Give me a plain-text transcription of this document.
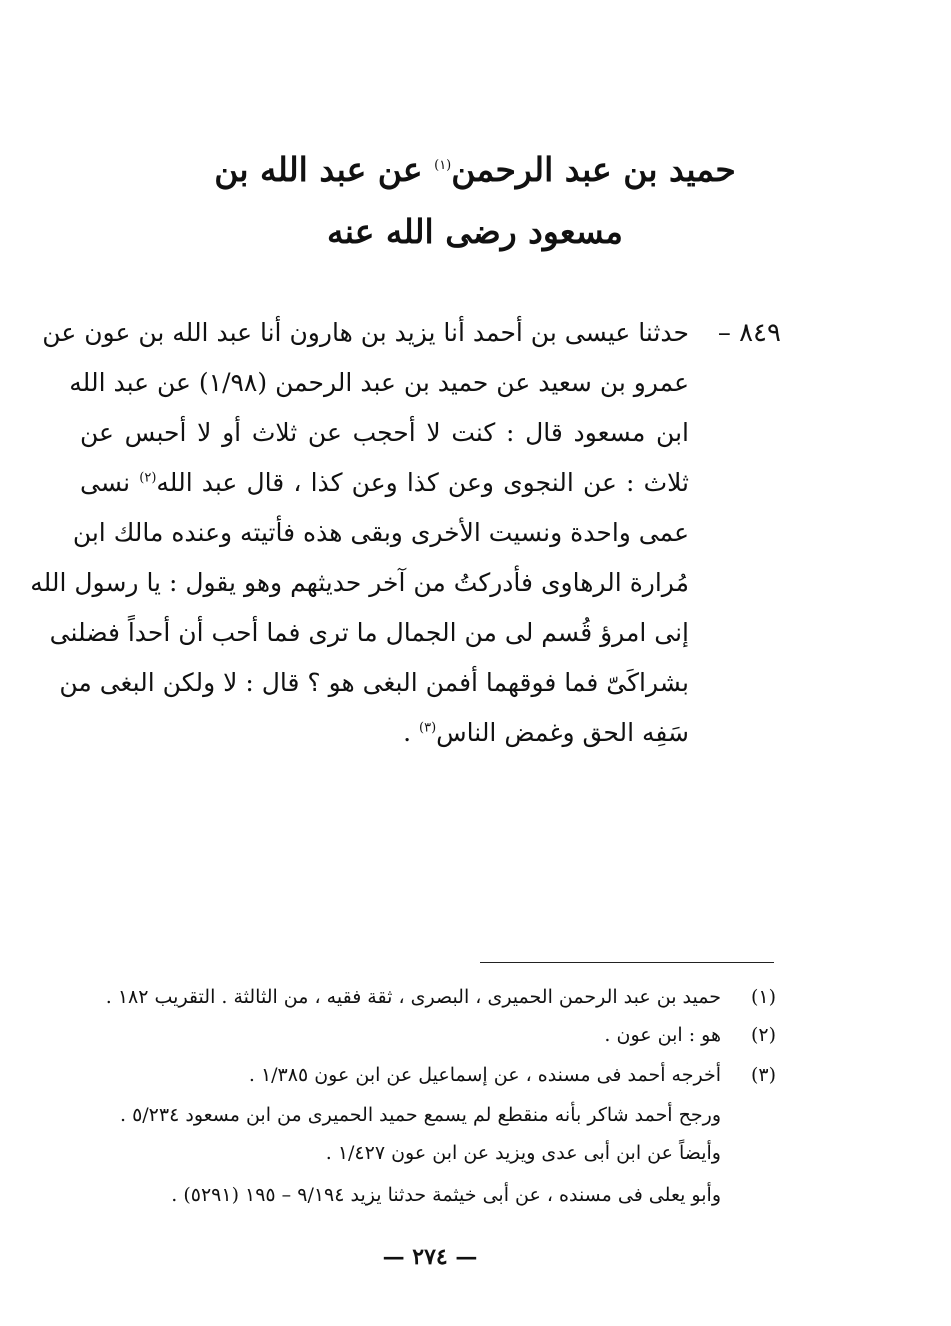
حميد بن عبد الرحمن$^{(١)}$ عن عبد الله بن
مسعود رضى الله عنه
٨٤٩ –
حدثنا عيسى بن أحمد أنا يزيد بن هارون أنا عبد الله بن عون عن
عمرو بن سعيد عن حميد بن عبد الرحمن (١/٩٨) عن عبد الله
ابن مسعود قال : كنت لا أحجب عن ثلاث أو لا أحبس عن
ثلاث : عن النجوى وعن كذا وعن كذا ، قال عبد الله$^{(٢)}$ نسى
عمى واحدة ونسيت الأخرى وبقى هذه فأتيته وعنده مالك ابن
مُرارة الرهاوى فأدركتُ من آخر حديثهم وهو يقول : يا رسول الله
إنى امرؤ قُسم لى من الجمال ما ترى فما أحب أن أحداً فضلنى
بشراكَىّ فما فوقهما أفمن البغى هو ؟ قال : لا ولكن البغى من
سَفِه الحق وغمض الناس$^{(٣)}$ .
(١)
حميد بن عبد الرحمن الحميرى ، البصرى ، ثقة فقيه ، من الثالثة . التقريب ١٨٢ .
(٢)
هو : ابن عون .
(٣)
أخرجه أحمد فى مسنده ، عن إسماعيل عن ابن عون ١/٣٨٥ .
ورجح أحمد شاكر بأنه منقطع لم يسمع حميد الحميرى من ابن مسعود ٥/٢٣٤ .
وأيضاً عن ابن أبى عدى ويزيد عن ابن عون ١/٤٢٧ .
وأبو يعلى فى مسنده ، عن أبى خيثمة حدثنا يزيد ٩/١٩٤ – ١٩٥ (٥٢٩١) .
— ٢٧٤ —
